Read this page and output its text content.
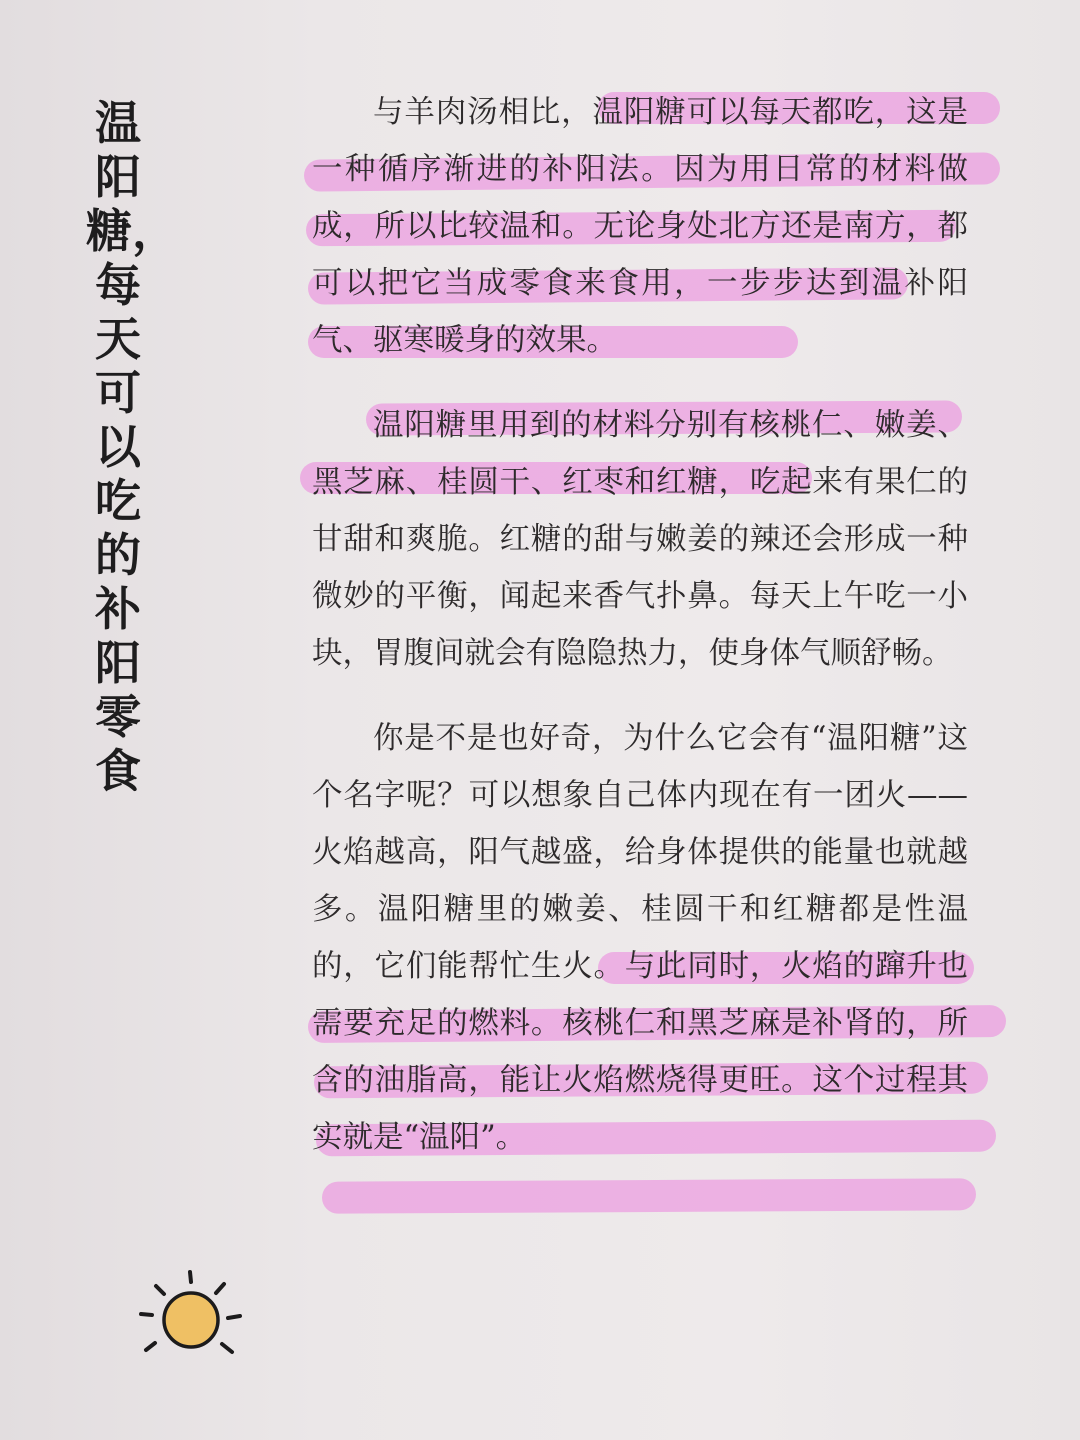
温阳糖，每天可以吃的补阳零食

与羊肉汤相比，温阳糖可以每天都吃，这是一种循序渐进的补阳法。因为用日常的材料做成，所以比较温和。无论身处北方还是南方，都可以把它当成零食来食用，一步步达到温补阳气、驱寒暖身的效果。

温阳糖里用到的材料分别有核桃仁、嫩姜、黑芝麻、桂圆干、红枣和红糖，吃起来有果仁的甘甜和爽脆。红糖的甜与嫩姜的辣还会形成一种微妙的平衡，闻起来香气扑鼻。每天上午吃一小块，胃腹间就会有隐隐热力，使身体气顺舒畅。

你是不是也好奇，为什么它会有“温阳糖”这个名字呢？可以想象自己体内现在有一团火——火焰越高，阳气越盛，给身体提供的能量也就越多。温阳糖里的嫩姜、桂圆干和红糖都是性温的，它们能帮忙生火。与此同时，火焰的蹿升也需要充足的燃料。核桃仁和黑芝麻是补肾的，所含的油脂高，能让火焰燃烧得更旺。这个过程其实就是“温阳”。
